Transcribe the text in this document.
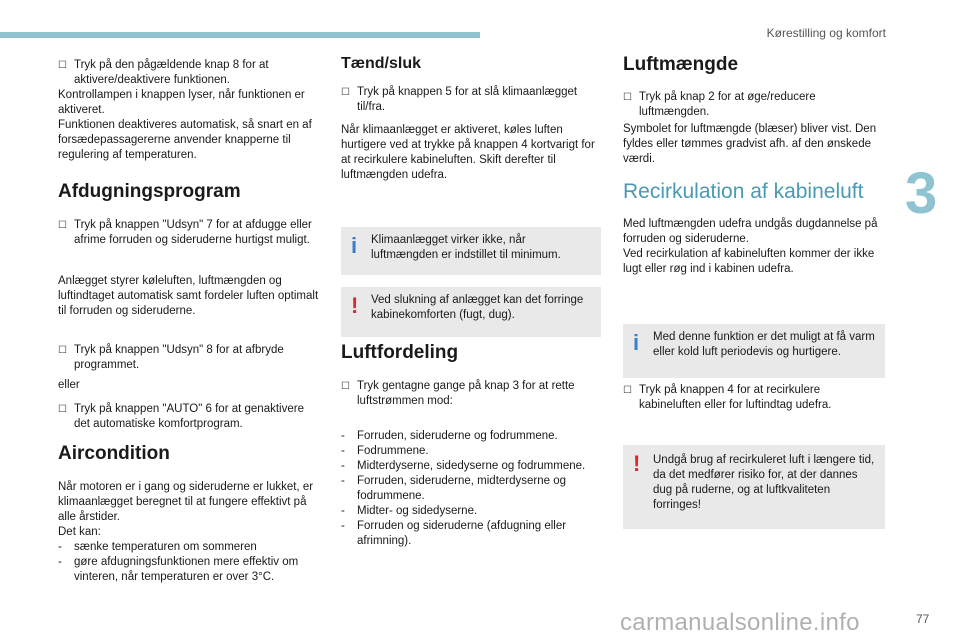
Kørestilling og komfort
3
☐ Tryk på den pågældende knap 8 for at aktivere/deaktivere funktionen.
Kontrollampen i knappen lyser, når funktionen er aktiveret.
Funktionen deaktiveres automatisk, så snart en af forsædepassagererne anvender knapperne til regulering af temperaturen.
Afdugningsprogram
☐ Tryk på knappen "Udsyn" 7 for at afdugge eller afrime forruden og sideruderne hurtigst muligt.
Anlægget styrer køleluften, luftmængden og luftindtaget automatisk samt fordeler luften optimalt til forruden og sideruderne.
☐ Tryk på knappen "Udsyn" 8 for at afbryde programmet.
eller
☐ Tryk på knappen "AUTO" 6 for at genaktivere det automatiske komfortprogram.
Aircondition
Når motoren er i gang og sideruderne er lukket, er klimaanlægget beregnet til at fungere effektivt på alle årstider.
Det kan:
- sænke temperaturen om sommeren
- gøre afdugningsfunktionen mere effektiv om vinteren, når temperaturen er over 3°C.
Tænd/sluk
☐ Tryk på knappen 5 for at slå klimaanlægget til/fra.
Når klimaanlægget er aktiveret, køles luften hurtigere ved at trykke på knappen 4 kortvarigt for at recirkulere kabineluften. Skift derefter til luftmængden udefra.
i Klimaanlægget virker ikke, når luftmængden er indstillet til minimum.
! Ved slukning af anlægget kan det forringe kabinekomforten (fugt, dug).
Luftfordeling
☐ Tryk gentagne gange på knap 3 for at rette luftstrømmen mod:
- Forruden, sideruderne og fodrummene.
- Fodrummene.
- Midterdyserne, sidedyserne og fodrummene.
- Forruden, sideruderne, midterdyserne og fodrummene.
- Midter- og sidedyserne.
- Forruden og sideruderne (afdugning eller afrimning).
Luftmængde
☐ Tryk på knap 2 for at øge/reducere luftmængden.
Symbolet for luftmængde (blæser) bliver vist. Den fyldes eller tømmes gradvist afh. af den ønskede værdi.
Recirkulation af kabineluft
Med luftmængden udefra undgås dugdannelse på forruden og sideruderne.
Ved recirkulation af kabineluften kommer der ikke lugt eller røg ind i kabinen udefra.
i Med denne funktion er det muligt at få varm eller kold luft periodevis og hurtigere.
☐ Tryk på knappen 4 for at recirkulere kabineluften eller for luftindtag udefra.
! Undgå brug af recirkuleret luft i længere tid, da det medfører risiko for, at der dannes dug på ruderne, og at luftkvaliteten forringes!
carmanualsonline.info	77
